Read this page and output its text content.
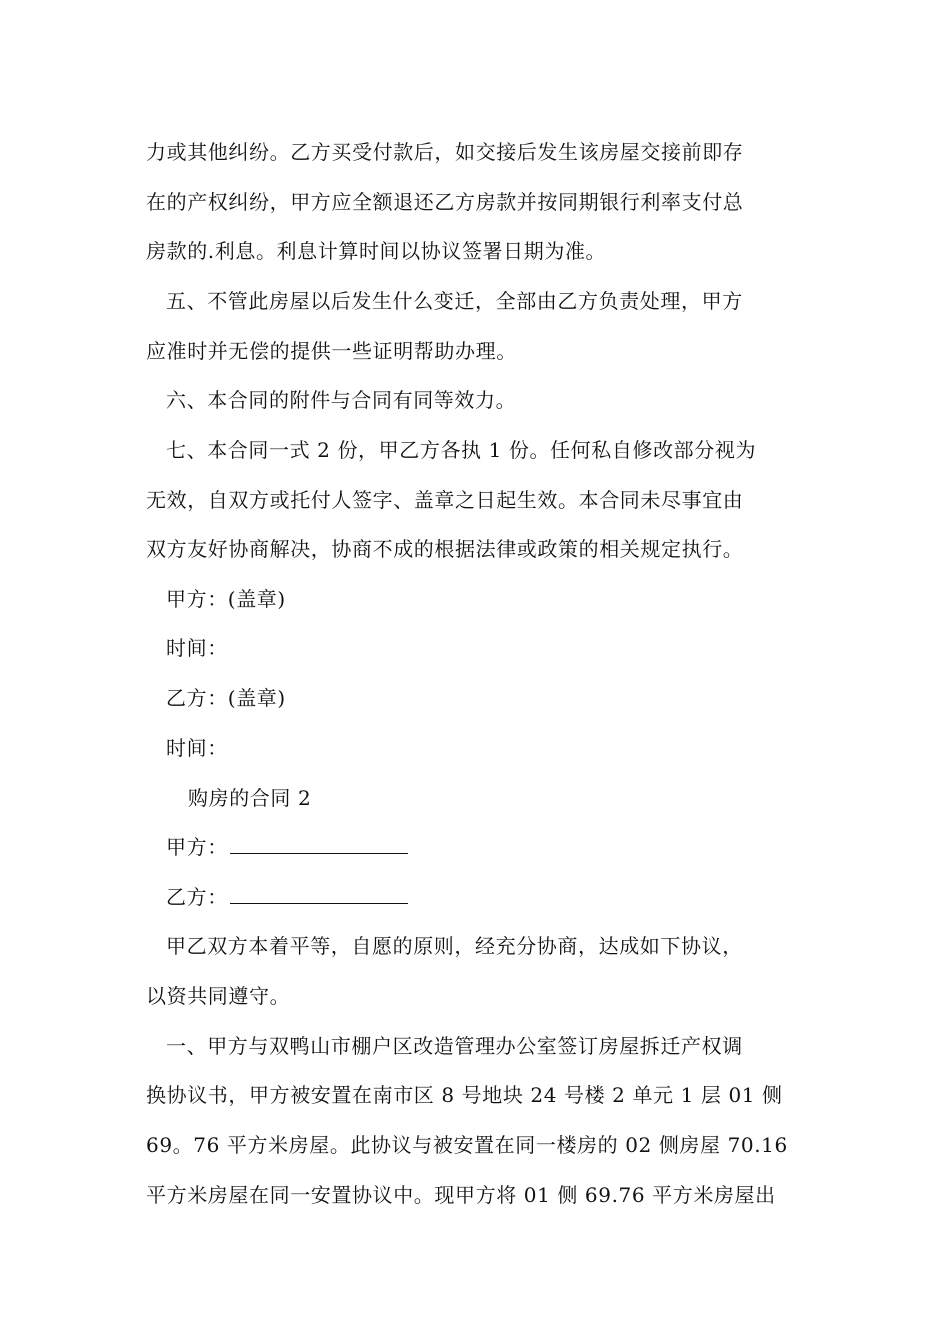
力或其他纠纷。乙方买受付款后，如交接后发生该房屋交接前即存
在的产权纠纷，甲方应全额退还乙方房款并按同期银行利率支付总
房款的.利息。利息计算时间以协议签署日期为准。
五、不管此房屋以后发生什么变迁，全部由乙方负责处理，甲方
应准时并无偿的提供一些证明帮助办理。
六、本合同的附件与合同有同等效力。
七、本合同一式 2 份，甲乙方各执 1 份。任何私自修改部分视为
无效，自双方或托付人签字、盖章之日起生效。本合同未尽事宜由
双方友好协商解决，协商不成的根据法律或政策的相关规定执行。
甲方：(盖章)
时间：
乙方：(盖章)
时间：
购房的合同 2
甲方：
乙方：
甲乙双方本着平等，自愿的原则，经充分协商，达成如下协议，
以资共同遵守。
一、甲方与双鸭山市棚户区改造管理办公室签订房屋拆迁产权调
换协议书，甲方被安置在南市区 8 号地块 24 号楼 2 单元 1 层 01 侧
69。76 平方米房屋。此协议与被安置在同一楼房的 02 侧房屋 70.16
平方米房屋在同一安置协议中。现甲方将 01 侧 69.76 平方米房屋出
